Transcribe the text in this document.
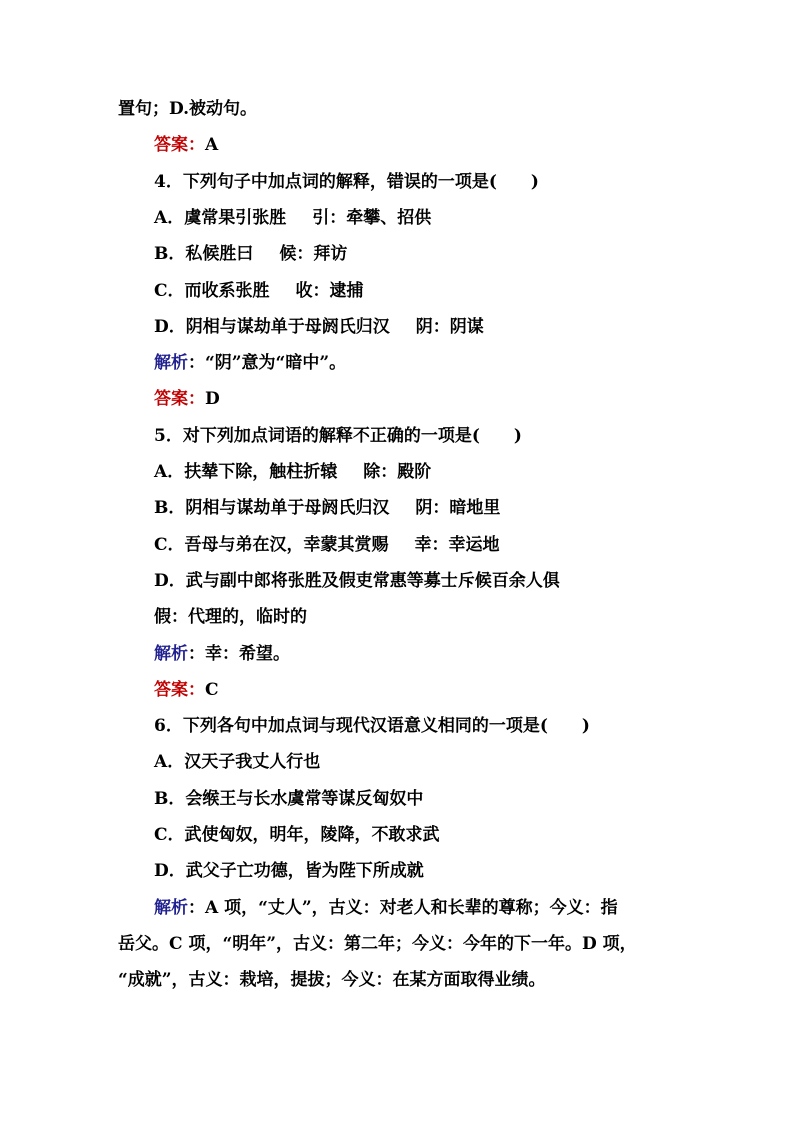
置句；D.被动句。
答案：A
4．下列句子中加点词的解释，错误的一项是( )
A．虞常果引张胜 引：牵攀、招供
B．私候胜曰 候：拜访
C．而收系张胜 收：逮捕
D．阴相与谋劫单于母阏氏归汉 阴：阴谋
解析：“阴”意为“暗中”。
答案：D
5．对下列加点词语的解释不正确的一项是( )
A．扶辇下除，触柱折辕 除：殿阶
B．阴相与谋劫单于母阏氏归汉 阴：暗地里
C．吾母与弟在汉，幸蒙其赏赐 幸：幸运地
D．武与副中郎将张胜及假吏常惠等募士斥候百余人俱
假：代理的，临时的
解析：幸：希望。
答案：C
6．下列各句中加点词与现代汉语意义相同的一项是( )
A．汉天子我丈人行也
B．会缑王与长水虞常等谋反匈奴中
C．武使匈奴，明年，陵降，不敢求武
D．武父子亡功德，皆为陛下所成就
解析：A 项，“丈人”，古义：对老人和长辈的尊称；今义：指
岳父。C 项，“明年”，古义：第二年；今义：今年的下一年。D 项，
“成就”，古义：栽培，提拔；今义：在某方面取得业绩。
